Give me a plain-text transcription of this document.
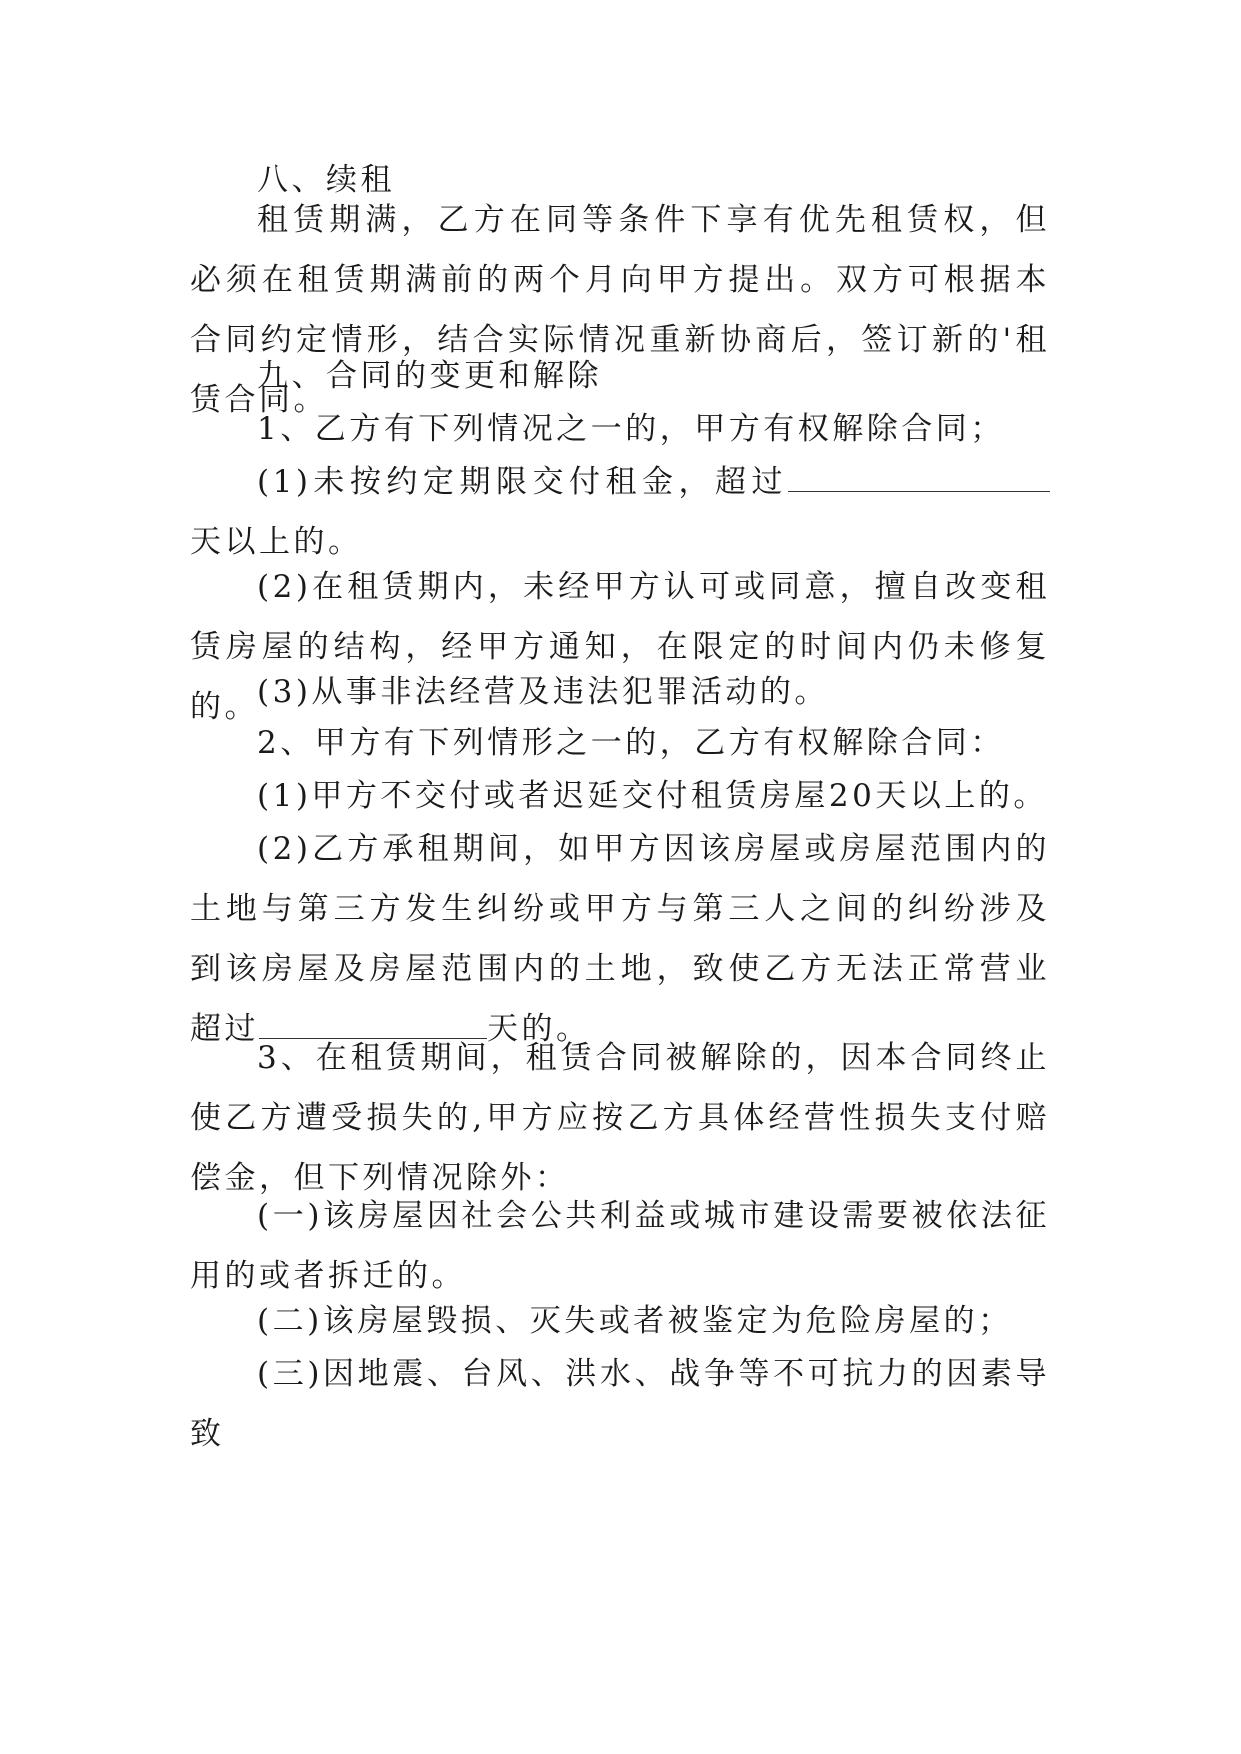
八、续租
租赁期满，乙方在同等条件下享有优先租赁权，但必须在租赁期满前的两个月向甲方提出。双方可根据本合同约定情形，结合实际情况重新协商后，签订新的'租赁合同。
九、合同的变更和解除
1、乙方有下列情况之一的，甲方有权解除合同；
(1)未按约定期限交付租金，超过天以上的。
(2)在租赁期内，未经甲方认可或同意，擅自改变租赁房屋的结构，经甲方通知，在限定的时间内仍未修复的。
(3)从事非法经营及违法犯罪活动的。
2、甲方有下列情形之一的，乙方有权解除合同：
(1)甲方不交付或者迟延交付租赁房屋20天以上的。
(2)乙方承租期间，如甲方因该房屋或房屋范围内的土地与第三方发生纠纷或甲方与第三人之间的纠纷涉及到该房屋及房屋范围内的土地，致使乙方无法正常营业超过	天的。
3、在租赁期间，租赁合同被解除的，因本合同终止使乙方遭受损失的,甲方应按乙方具体经营性损失支付赔偿金，但下列情况除外：
(一)该房屋因社会公共利益或城市建设需要被依法征用的或者拆迁的。
(二)该房屋毁损、灭失或者被鉴定为危险房屋的；
(三)因地震、台风、洪水、战争等不可抗力的因素导致
